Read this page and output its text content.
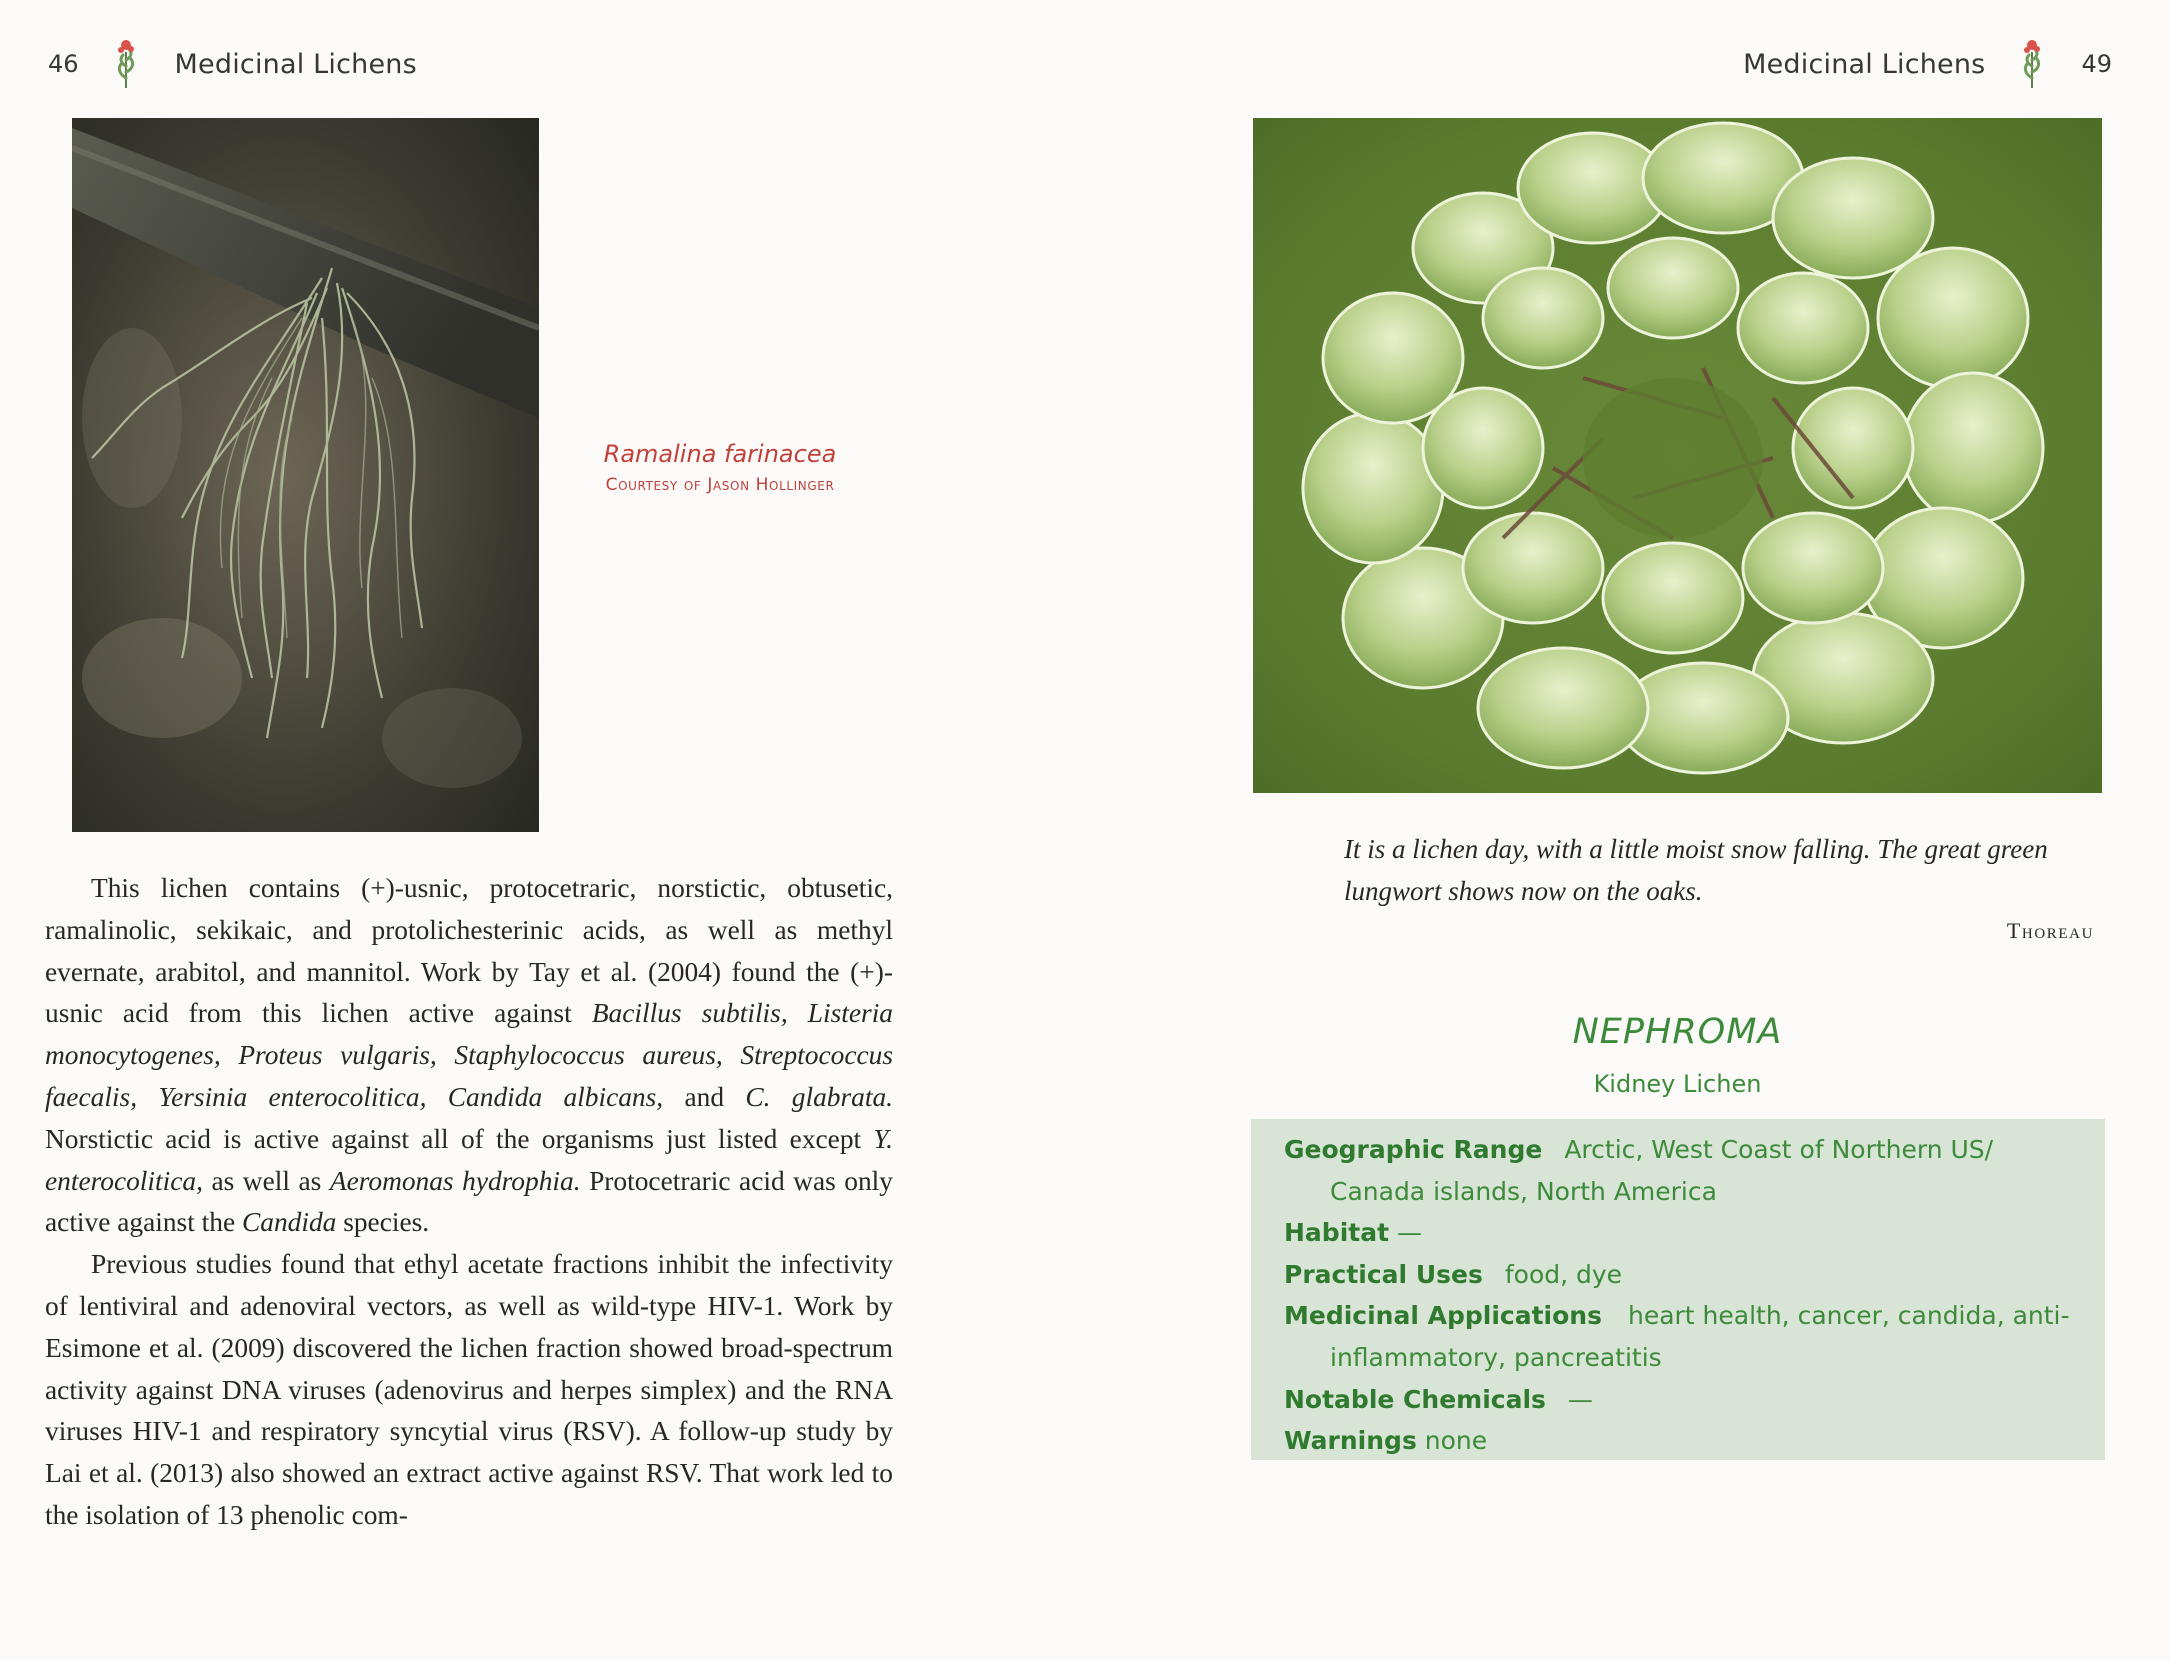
46	Medicinal Lichens
Ramalina farinacea
Courtesy of Jason Hollinger

This lichen contains (+)-usnic, protocetraric, norstictic, obtusetic, ramalinolic, sekikaic, and protolichesterinic acids, as well as methyl evernate, arabitol, and mannitol. Work by Tay et al. (2004) found the (+)-usnic acid from this lichen active against Bacillus subtilis, Listeria monocytogenes, Proteus vulgaris, Staphylococcus aureus, Streptococcus faecalis, Yersinia enterocolitica, Candida albicans, and C. glabrata. Norstictic acid is active against all of the organisms just listed except Y. enterocolitica, as well as Aeromonas hydrophia. Protocetraric acid was only active against the Candida species.

Previous studies found that ethyl acetate fractions inhibit the infectivity of lentiviral and adenoviral vectors, as well as wild-type HIV-1. Work by Esimone et al. (2009) discovered the lichen fraction showed broad-spectrum activity against DNA viruses (adenovirus and herpes simplex) and the RNA viruses HIV-1 and respiratory syncytial virus (RSV). A follow-up study by Lai et al. (2013) also showed an extract active against RSV. That work led to the isolation of 13 phenolic com-

Medicinal Lichens	49
It is a lichen day, with a little moist snow falling. The great green lungwort shows now on the oaks.
Thoreau
NEPHROMA
Kidney Lichen
Geographic Range Arctic, West Coast of Northern US/ Canada islands, North America
Habitat —
Practical Uses food, dye
Medicinal Applications heart health, cancer, candida, anti-inflammatory, pancreatitis
Notable Chemicals —
Warnings none
